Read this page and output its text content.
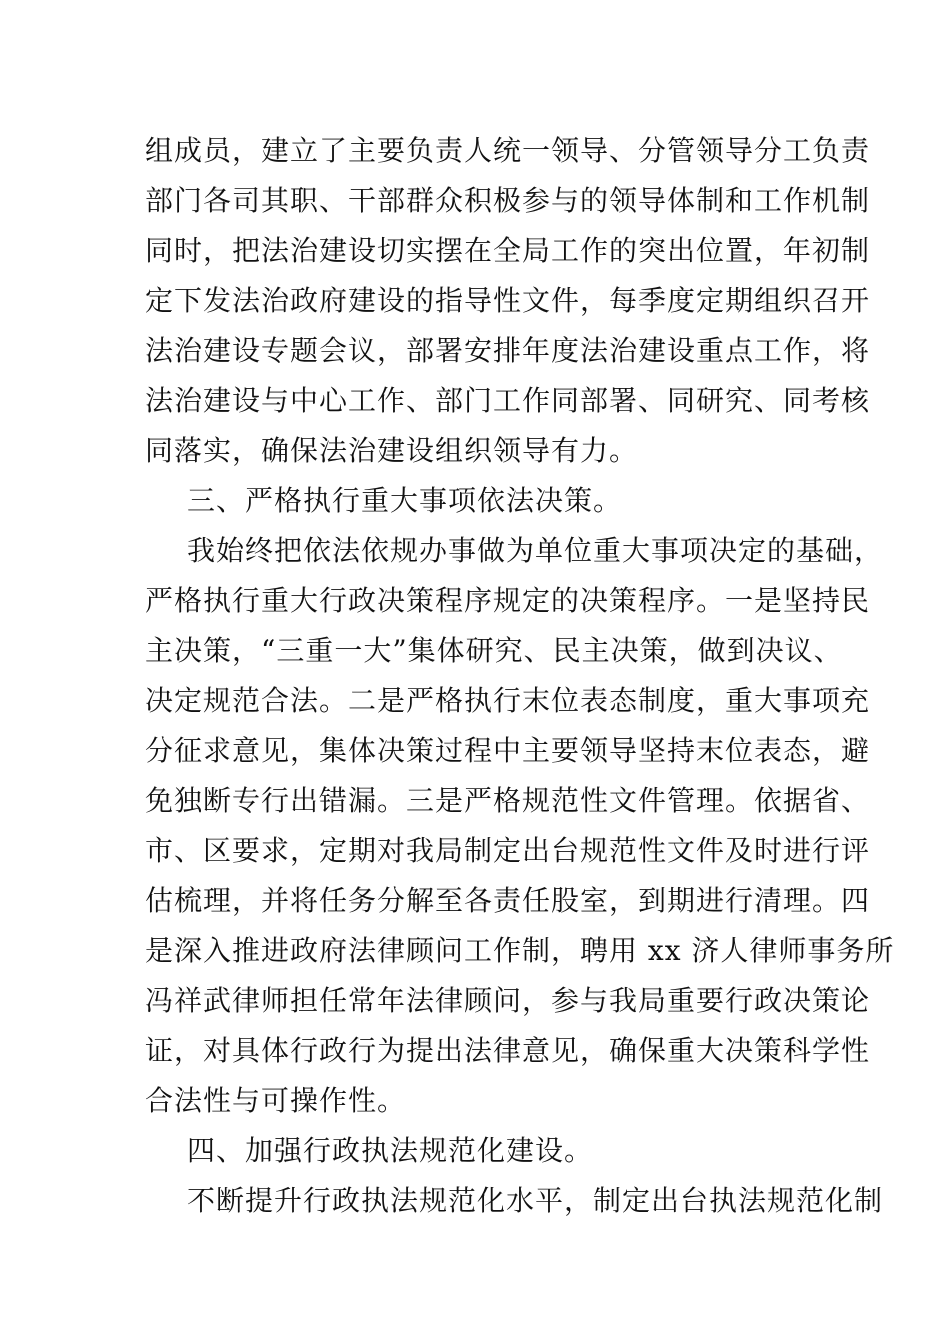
组成员，建立了主要负责人统一领导、分管领导分工负责
部门各司其职、干部群众积极参与的领导体制和工作机制
同时，把法治建设切实摆在全局工作的突出位置，年初制
定下发法治政府建设的指导性文件，每季度定期组织召开
法治建设专题会议，部署安排年度法治建设重点工作，将
法治建设与中心工作、部门工作同部署、同研究、同考核
同落实，确保法治建设组织领导有力。
三、严格执行重大事项依法决策。
我始终把依法依规办事做为单位重大事项决定的基础，
严格执行重大行政决策程序规定的决策程序。一是坚持民
主决策，“三重一大”集体研究、民主决策，做到决议、
决定规范合法。二是严格执行末位表态制度，重大事项充
分征求意见，集体决策过程中主要领导坚持末位表态，避
免独断专行出错漏。三是严格规范性文件管理。依据省、
市、区要求，定期对我局制定出台规范性文件及时进行评
估梳理，并将任务分解至各责任股室，到期进行清理。四
是深入推进政府法律顾问工作制，聘用 xx 济人律师事务所
冯祥武律师担任常年法律顾问，参与我局重要行政决策论
证，对具体行政行为提出法律意见，确保重大决策科学性
合法性与可操作性。
四、加强行政执法规范化建设。
不断提升行政执法规范化水平，制定出台执法规范化制
